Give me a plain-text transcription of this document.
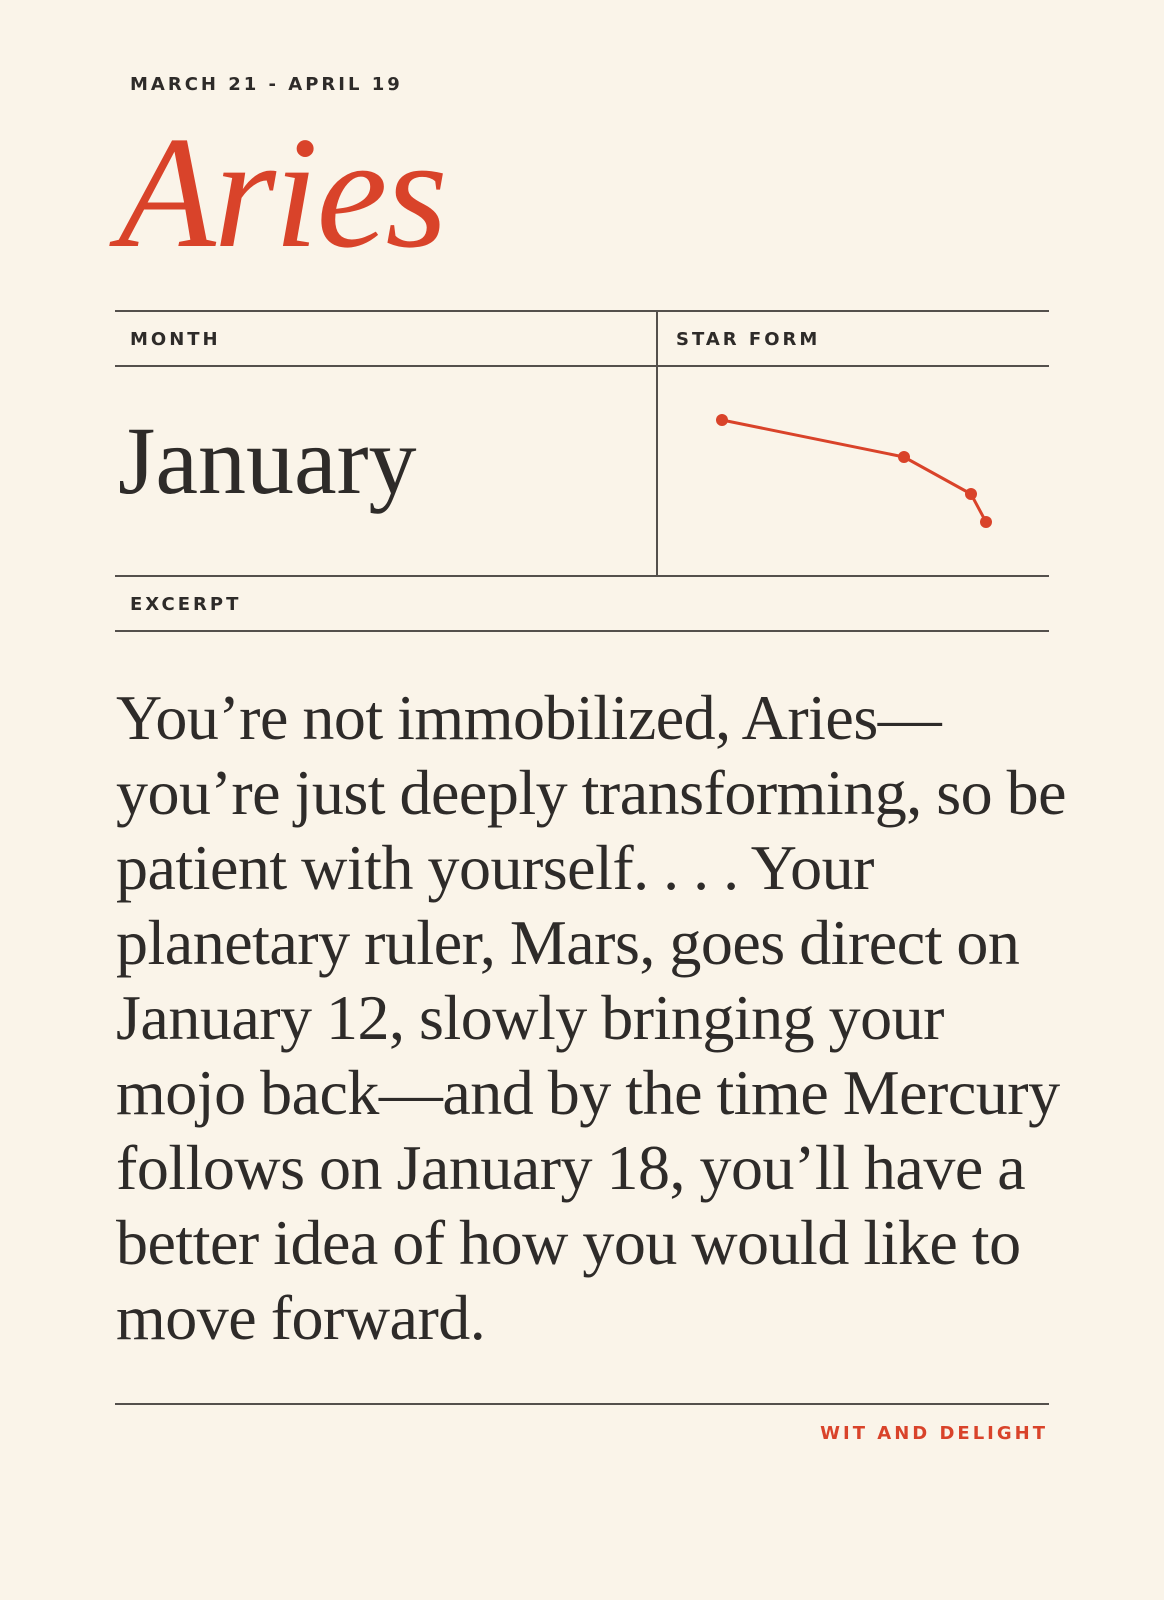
MARCH 21 - APRIL 19
Aries
MONTH	STAR FORM
January
EXCERPT

You’re not immobilized, Aries—you’re just deeply transforming, so be patient with yourself. . . . Your planetary ruler, Mars, goes direct on January 12, slowly bringing your mojo back—and by the time Mercury follows on January 18, you’ll have a better idea of how you would like to move forward.

WIT AND DELIGHT
